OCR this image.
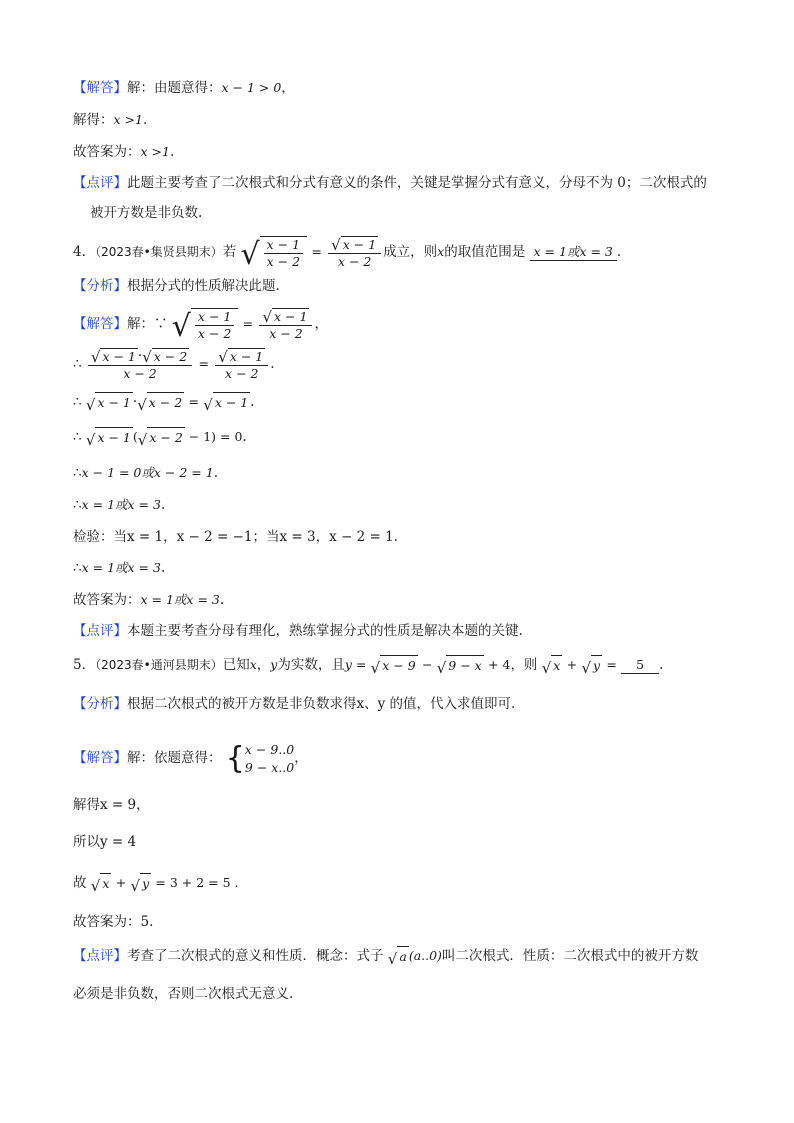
【解答】解：由题意得：x − 1 > 0，
解得：x >1.
故答案为：x >1.
【点评】此题主要考查了二次根式和分式有意义的条件，关键是掌握分式有意义，分母不为 0；二次根式的
被开方数是非负数.
4．（2023春•集贤县期末）若 √ $\frac{x - 1}{x - 2} = \frac{√ x - 1}{x - 2}$ 成立，则x的取值范围是 x = 1或x = 3 .
【分析】根据分式的性质解决此题.
【解答】解：∵ √ $\frac{x - 1}{x - 2} = \frac{√ x - 1}{x - 2}$ ，
∴ $\frac{√ x - 1 \cdot √ x - 2}{x - 2} = \frac{√ x - 1}{x - 2}$ .
∴ √ x − 1 · √ x − 2 = √ x − 1 .
∴ √ x − 1 ( √ x − 2 − 1) = 0.
∴x − 1 = 0或x − 2 = 1.
∴x = 1或x = 3.
检验：当x = 1，x − 2 = −1；当x = 3，x − 2 = 1.
∴x = 1或x = 3.
故答案为：x = 1或x = 3.
【点评】本题主要考查分母有理化，熟练掌握分式的性质是解决本题的关键.
5．（2023春•通河县期末）已知x，y为实数，且y = √ x − 9 − √ 9 − x + 4，则 √ x + √ y = 5 .
【分析】根据二次根式的被开方数是非负数求得x、y 的值，代入求值即可.
【解答】解：依题意得： { x − 9..0
9 − x..0
，
解得x = 9，
所以y = 4
故 √ x + √ y = 3 + 2 = 5 .
故答案为：5.
【点评】考查了二次根式的意义和性质．概念：式子 √ a (a..0)叫二次根式．性质：二次根式中的被开方数
必须是非负数，否则二次根式无意义.
